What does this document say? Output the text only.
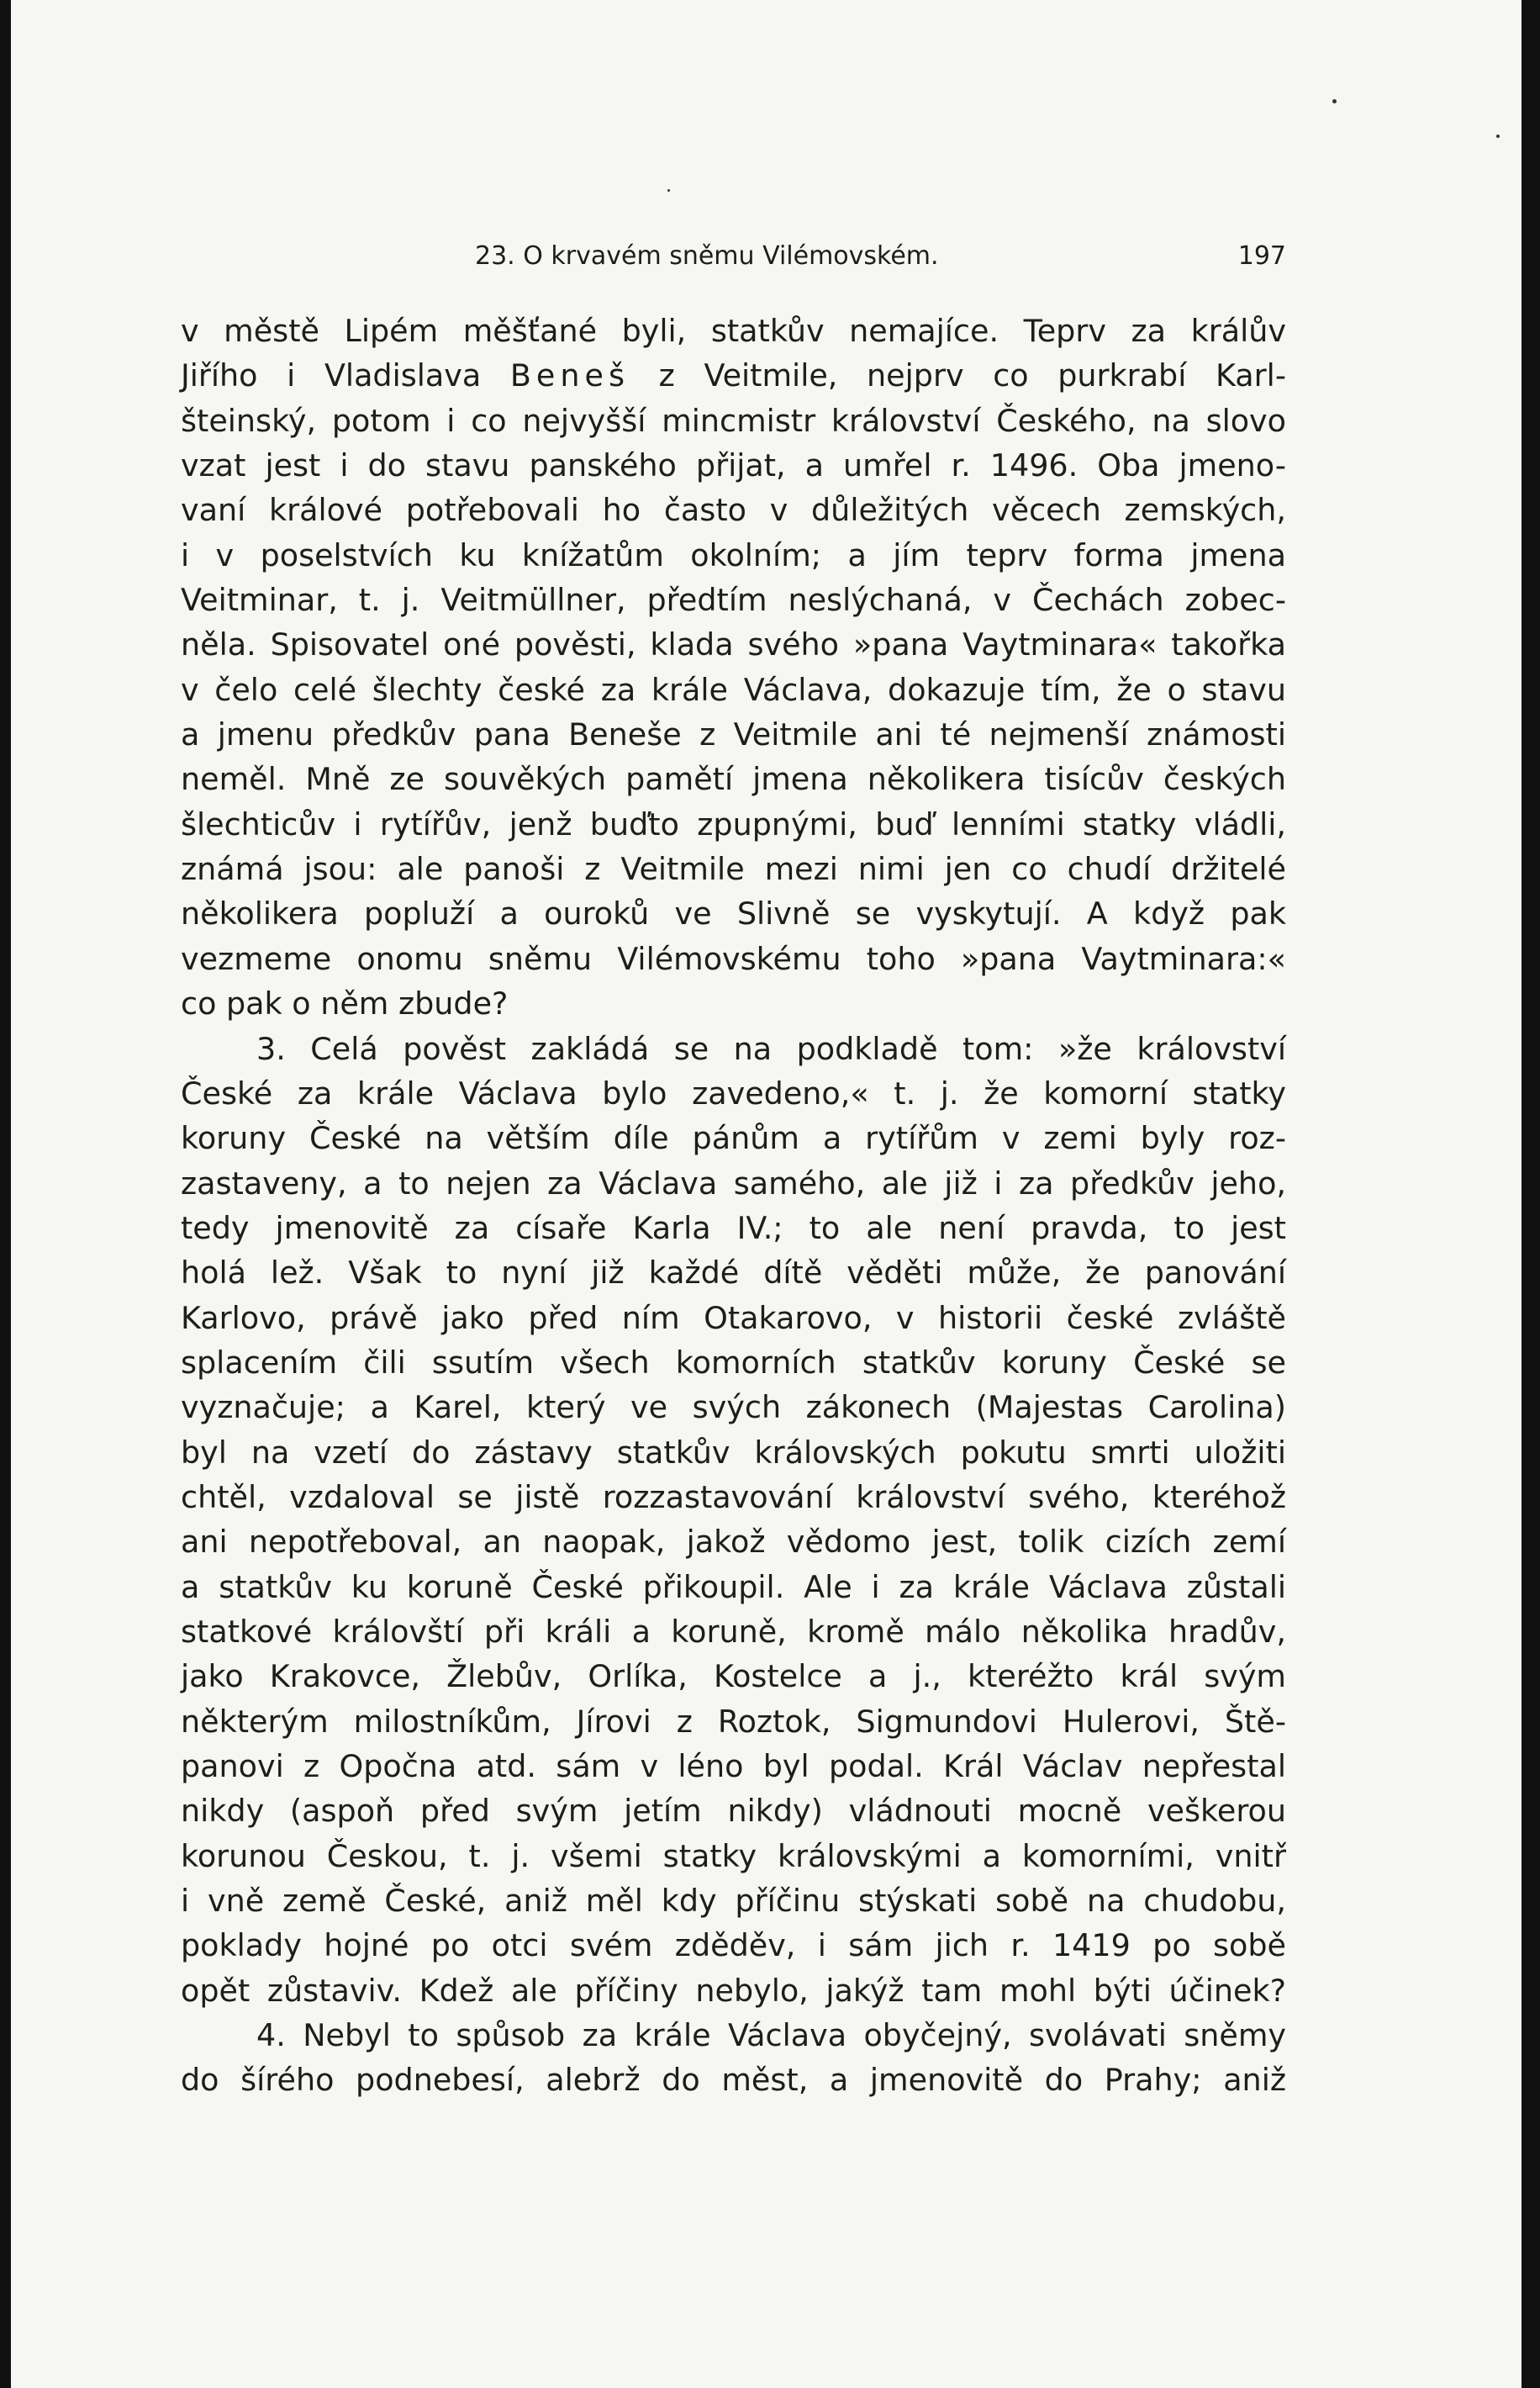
23. O krvavém sněmu Vilémovském.	197
v městě Lipém měšťané byli, statkův nemajíce. Teprv za králův
Jiřího i Vladislava Beneš z Veitmile, nejprv co purkrabí Karl-
šteinský, potom i co nejvyšší mincmistr království Českého, na slovo
vzat jest i do stavu panského přijat, a umřel r. 1496. Oba jmeno-
vaní králové potřebovali ho často v důležitých věcech zemských,
i v poselstvích ku knížatům okolním; a jím teprv forma jmena
Veitminar, t. j. Veitmüllner, předtím neslýchaná, v Čechách zobec-
něla. Spisovatel oné pověsti, klada svého »pana Vaytminara« takořka
v čelo celé šlechty české za krále Václava, dokazuje tím, že o stavu
a jmenu předkův pana Beneše z Veitmile ani té nejmenší známosti
neměl. Mně ze souvěkých pamětí jmena několikera tisícův českých
šlechticův i rytířův, jenž buďto zpupnými, buď lenními statky vládli,
známá jsou: ale panoši z Veitmile mezi nimi jen co chudí držitelé
několikera popluží a ouroků ve Slivně se vyskytují. A když pak
vezmeme onomu sněmu Vilémovskému toho »pana Vaytminara:«
co pak o něm zbude?
3. Celá pověst zakládá se na podkladě tom: »že království
České za krále Václava bylo zavedeno,« t. j. že komorní statky
koruny České na větším díle pánům a rytířům v zemi byly roz-
zastaveny, a to nejen za Václava samého, ale již i za předkův jeho,
tedy jmenovitě za císaře Karla IV.; to ale není pravda, to jest
holá lež. Však to nyní již každé dítě věděti může, že panování
Karlovo, právě jako před ním Otakarovo, v historii české zvláště
splacením čili ssutím všech komorních statkův koruny České se
vyznačuje; a Karel, který ve svých zákonech (Majestas Carolina)
byl na vzetí do zástavy statkův královských pokutu smrti uložiti
chtěl, vzdaloval se jistě rozzastavování království svého, kteréhož
ani nepotřeboval, an naopak, jakož vědomo jest, tolik cizích zemí
a statkův ku koruně České přikoupil. Ale i za krále Václava zůstali
statkové královští při králi a koruně, kromě málo několika hradův,
jako Krakovce, Žlebův, Orlíka, Kostelce a j., kteréžto král svým
některým milostníkům, Jírovi z Roztok, Sigmundovi Hulerovi, Ště-
panovi z Opočna atd. sám v léno byl podal. Král Václav nepřestal
nikdy (aspoň před svým jetím nikdy) vládnouti mocně veškerou
korunou Českou, t. j. všemi statky královskými a komorními, vnitř
i vně země České, aniž měl kdy příčinu stýskati sobě na chudobu,
poklady hojné po otci svém zděděv, i sám jich r. 1419 po sobě
opět zůstaviv. Kdež ale příčiny nebylo, jakýž tam mohl býti účinek?
4. Nebyl to spůsob za krále Václava obyčejný, svolávati sněmy
do šírého podnebesí, alebrž do měst, a jmenovitě do Prahy; aniž
